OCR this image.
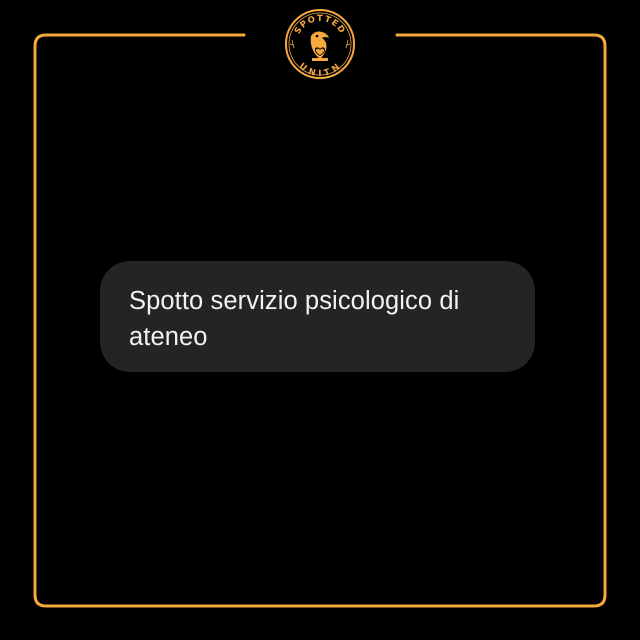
SPOTTED
UNITN

Spotto servizio psicologico di ateneo
